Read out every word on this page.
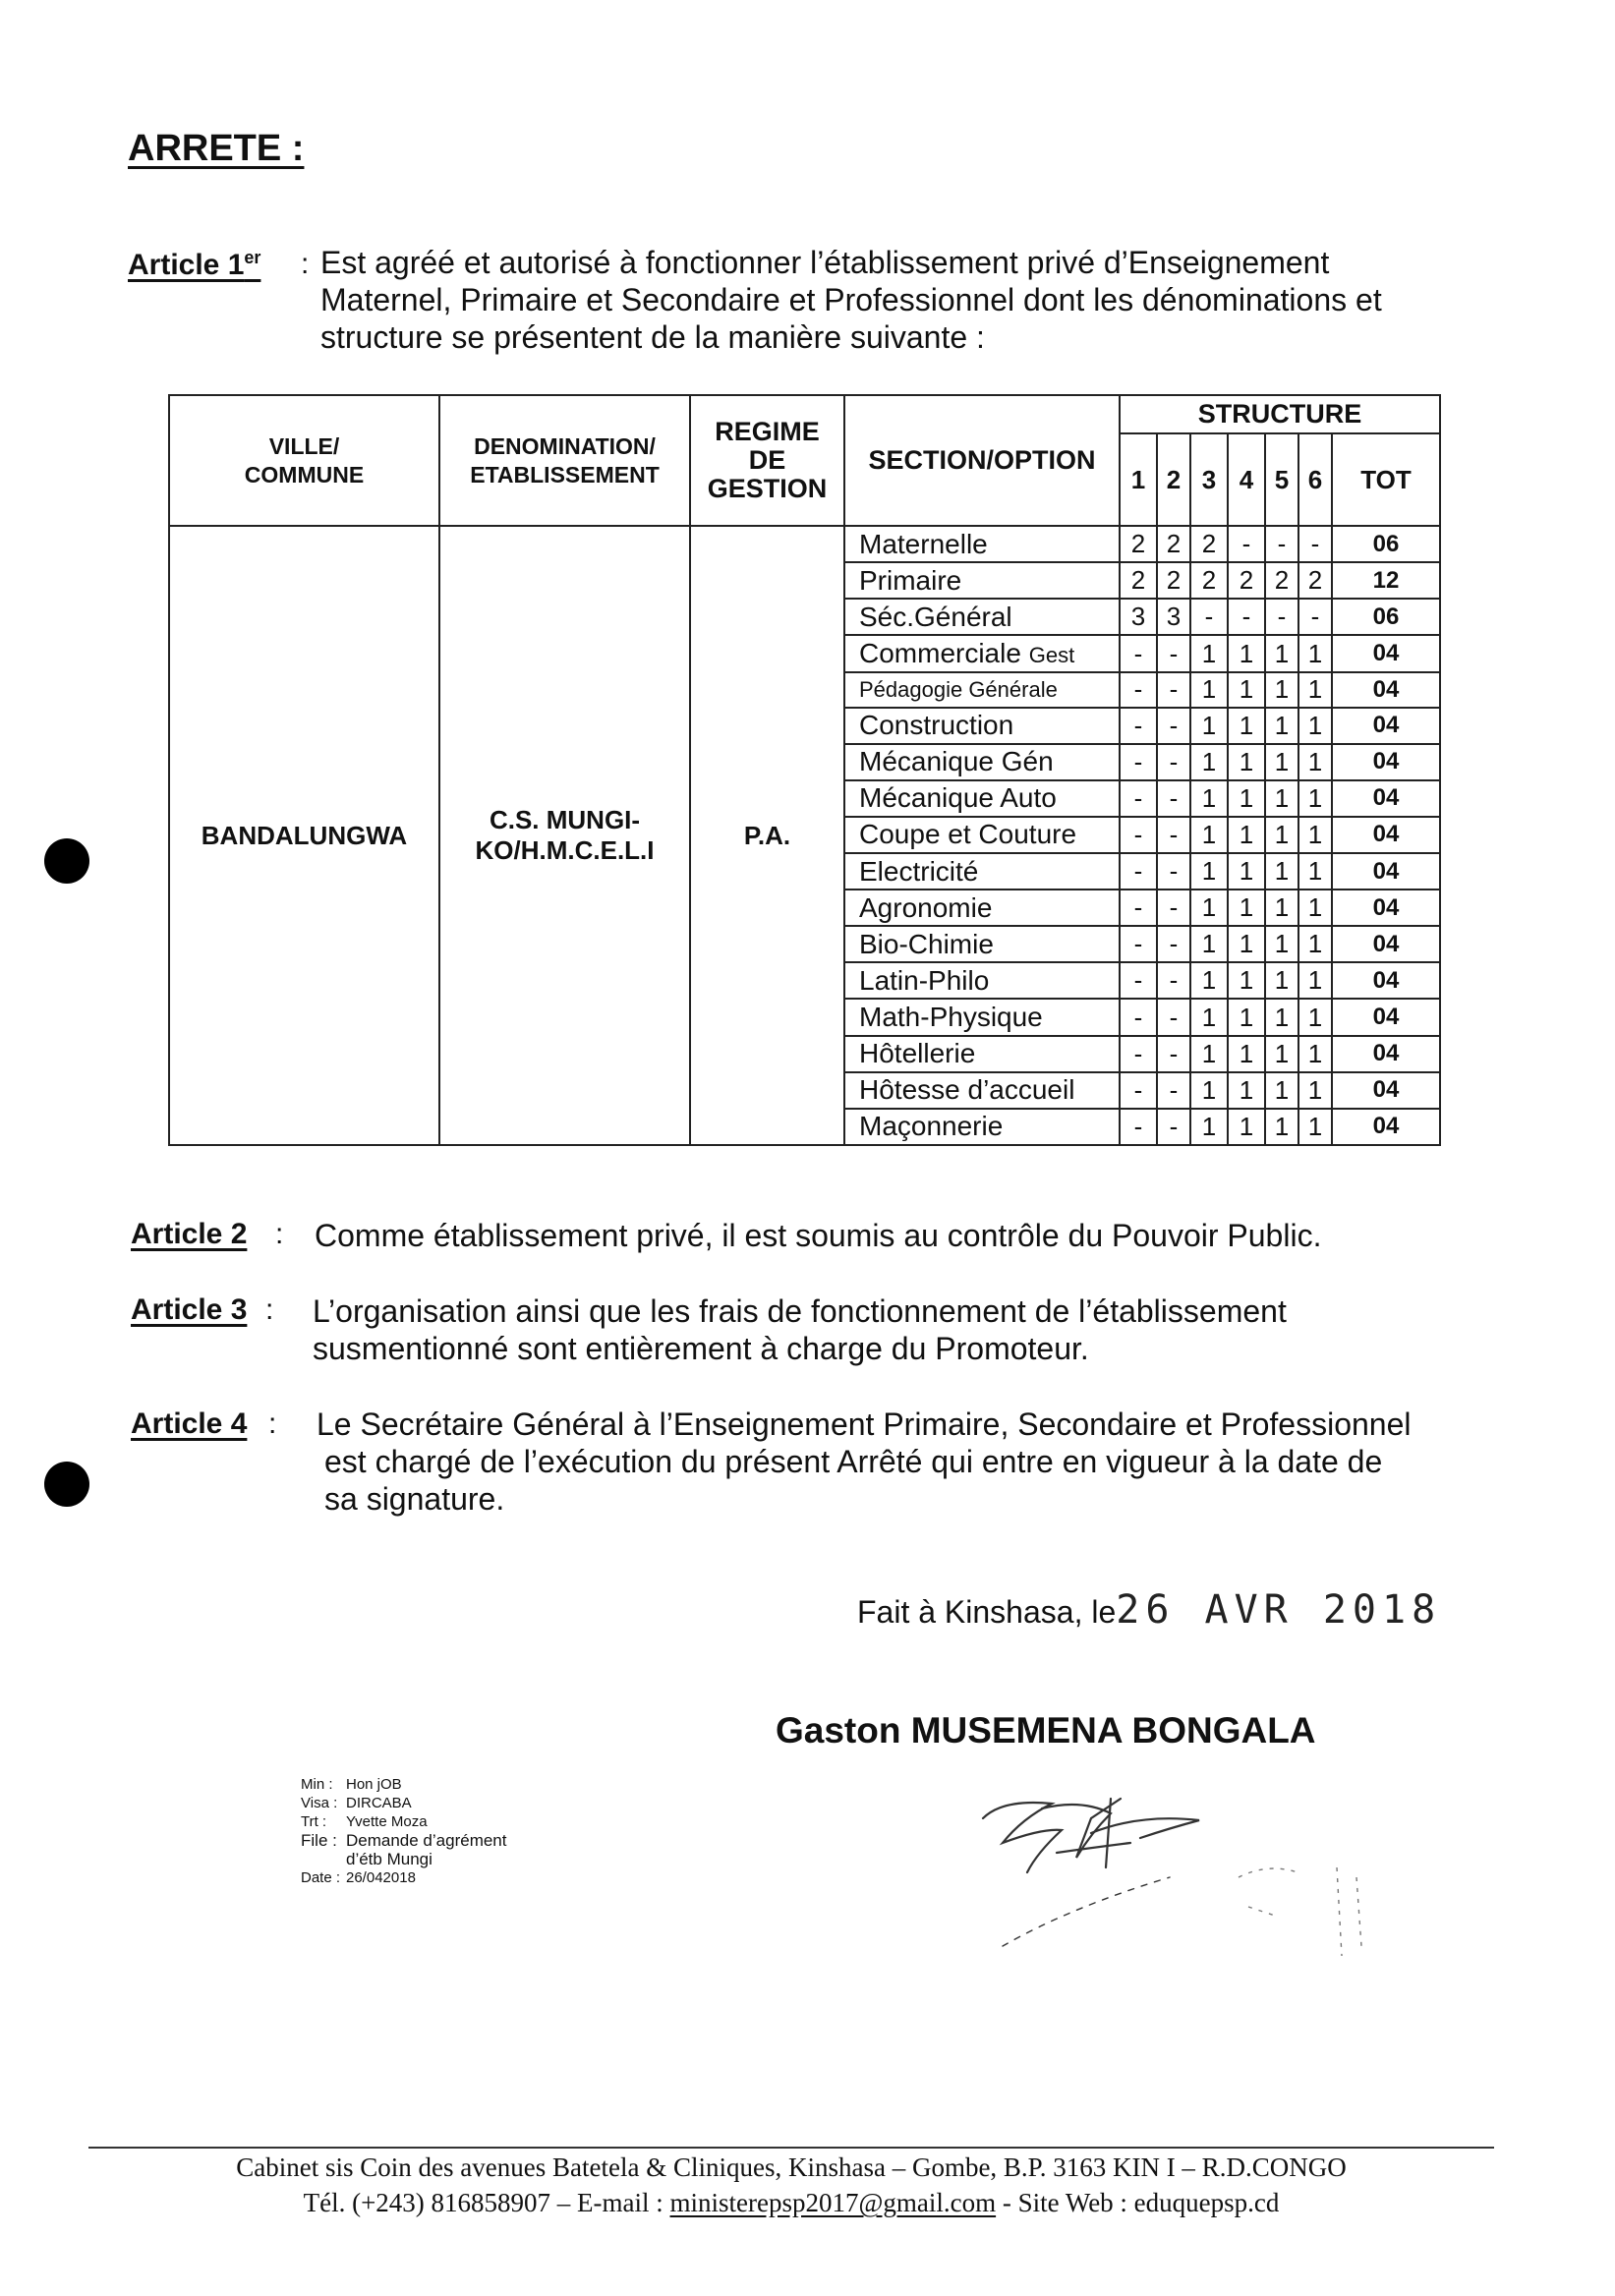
ARRETE :
Article 1er : Est agréé et autorisé à fonctionner l’établissement privé d’Enseignement
Maternel, Primaire et Secondaire et Professionnel dont les dénominations et
structure se présentent de la manière suivante :
VILLE/
COMMUNE	DENOMINATION/
ETABLISSEMENT	REGIME
DE
GESTION	SECTION/OPTION	STRUCTURE						
				1	2	3	4	5	6	TOT
BANDALUNGWA	C.S. MUNGI-
KO/H.M.C.E.L.I	P.A.	Maternelle	2	2	2	-	-	-	06
			Primaire	2	2	2	2	2	2	12
			Séc.Général	3	3	-	-	-	-	06
			Commerciale Gest	-	-	1	1	1	1	04
			Pédagogie Générale	-	-	1	1	1	1	04
			Construction	-	-	1	1	1	1	04
			Mécanique Gén	-	-	1	1	1	1	04
			Mécanique Auto	-	-	1	1	1	1	04
			Coupe et Couture	-	-	1	1	1	1	04
			Electricité	-	-	1	1	1	1	04
			Agronomie	-	-	1	1	1	1	04
			Bio-Chimie	-	-	1	1	1	1	04
			Latin-Philo	-	-	1	1	1	1	04
			Math-Physique	-	-	1	1	1	1	04
			Hôtellerie	-	-	1	1	1	1	04
			Hôtesse d’accueil	-	-	1	1	1	1	04
			Maçonnerie	-	-	1	1	1	1	04
Article 2 : Comme établissement privé, il est soumis au contrôle du Pouvoir Public.
Article 3 : L’organisation ainsi que les frais de fonctionnement de l’établissement
susmentionné sont entièrement à charge du Promoteur.
Article 4 : Le Secrétaire Général à l’Enseignement Primaire, Secondaire et Professionnel
est chargé de l’exécution du présent Arrêté qui entre en vigueur à la date de
sa signature.
Fait à Kinshasa, le26 AVR 2018
Gaston MUSEMENA BONGALA
Min : Hon jOB
Visa : DIRCABA
Trt :	Yvette Moza
File : Demande d’agrément
d’étb Mungi
Date : 26/042018
Cabinet sis Coin des avenues Batetela & Cliniques, Kinshasa – Gombe, B.P. 3163 KIN I – R.D.CONGO
Tél. (+243) 816858907 – E-mail : ministerepsp2017@gmail.com - Site Web : eduquepsp.cd
